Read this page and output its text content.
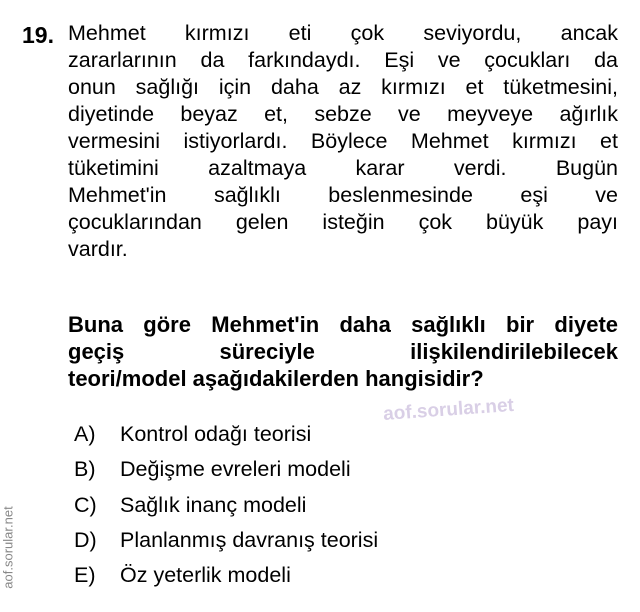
19. Mehmet kırmızı eti çok seviyordu, ancak
zararlarının da farkındaydı. Eşi ve çocukları da
onun sağlığı için daha az kırmızı et tüketmesini,
diyetinde beyaz et, sebze ve meyveye ağırlık
vermesini istiyorlardı. Böylece Mehmet kırmızı et
tüketimini azaltmaya karar verdi. Bugün
Mehmet'in sağlıklı beslenmesinde eşi ve
çocuklarından gelen isteğin çok büyük payı
vardır.
Buna göre Mehmet'in daha sağlıklı bir diyete
geçiş süreciyle ilişkilendirilebilecek
teori/model aşağıdakilerden hangisidir?
aof.sorular.net
A)	Kontrol odağı teorisi
B)	Değişme evreleri modeli
C)	Sağlık inanç modeli
D)	Planlanmış davranış teorisi
E)	Öz yeterlik modeli
aof.sorular.net
